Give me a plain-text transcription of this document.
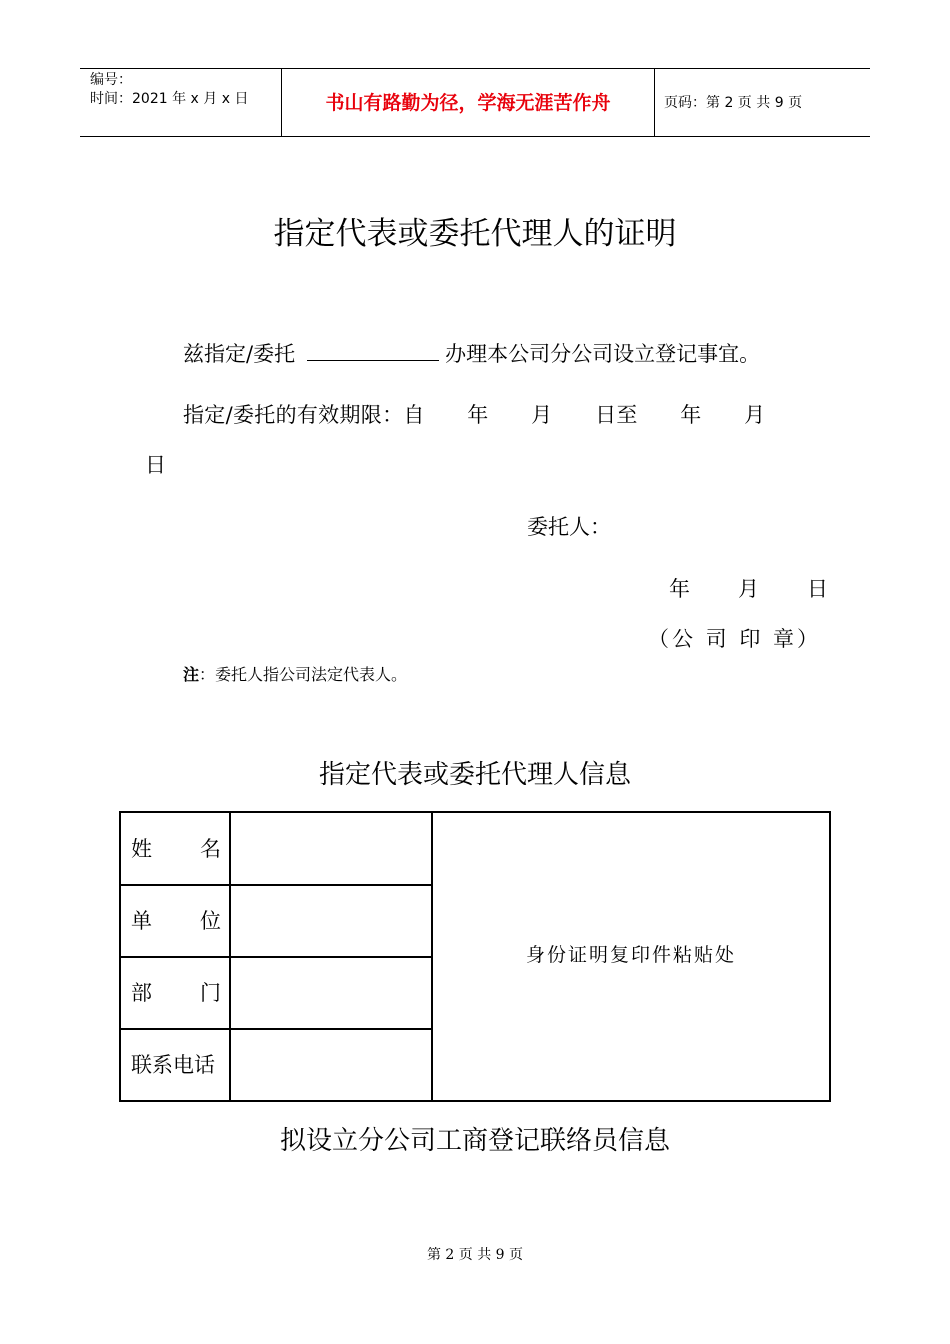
编号：
时间：2021 年 x 月 x 日	书山有路勤为径，学海无涯苦作舟	页码：第 2 页 共 9 页
指定代表或委托代理人的证明
兹指定/委托	办理本公司分公司设立登记事宜。
指定/委托的有效期限：自　　年　　月　　日至　　年　　月
日
委托人：
年　　月　　日
（公 司 印 章）
注：委托人指公司法定代表人。
指定代表或委托代理人信息
姓 名
单 位
部 门
联系电话
身份证明复印件粘贴处
拟设立分公司工商登记联络员信息
第 2 页 共 9 页
